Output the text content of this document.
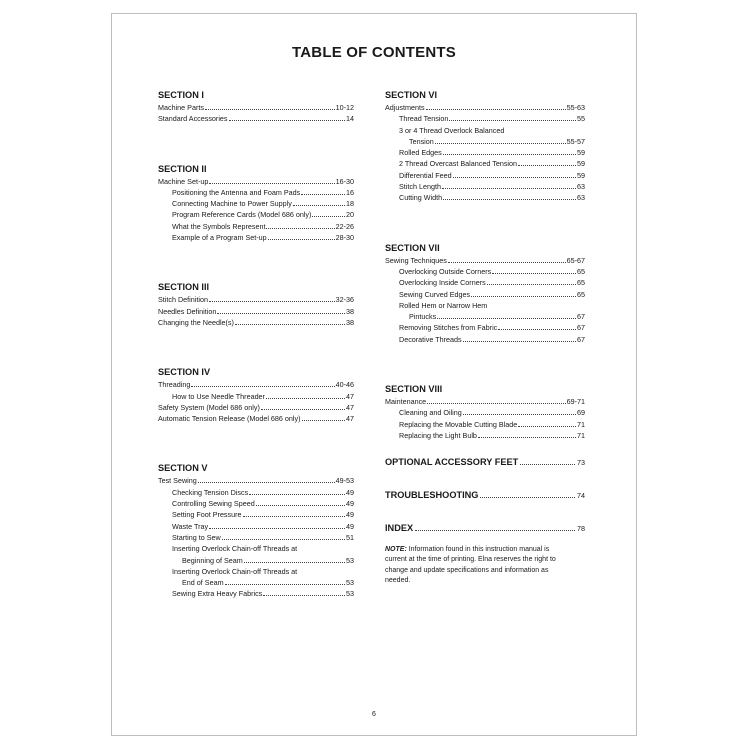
TABLE OF CONTENTS
SECTION I
Machine Parts	10-12
Standard Accessories	14
SECTION II
Machine Set-up	16-30
Positioning the Antenna and Foam Pads	16
Connecting Machine to Power Supply	18
Program Reference Cards (Model 686 only)	20
What the Symbols Represent	22-26
Example of a Program Set-up	28-30
SECTION III
Stitch Definition	32-36
Needles Definition	38
Changing the Needle(s)	38
SECTION IV
Threading	40-46
How to Use Needle Threader	47
Safety System (Model 686 only)	47
Automatic Tension Release (Model 686 only)	47
SECTION V
Test Sewing	49-53
Checking Tension Discs	49
Controlling Sewing Speed	49
Setting Foot Pressure	49
Waste Tray	49
Starting to Sew	51
Inserting Overlock Chain-off Threads at
Beginning of Seam	53
Inserting Overlock Chain-off Threads at
End of Seam	53
Sewing Extra Heavy Fabrics	53
SECTION VI
Adjustments	55-63
Thread Tension	55
3 or 4 Thread Overlock Balanced
Tension	55-57
Rolled Edges	59
2 Thread Overcast Balanced Tension	59
Differential Feed	59
Stitch Length	63
Cutting Width	63
SECTION VII
Sewing Techniques	65-67
Overlocking Outside Corners	65
Overlocking Inside Corners	65
Sewing Curved Edges	65
Rolled Hem or Narrow Hem
Pintucks	67
Removing Stitches from Fabric	67
Decorative Threads	67
SECTION VIII
Maintenance	69-71
Cleaning and Oiling	69
Replacing the Movable Cutting Blade	71
Replacing the Light Bulb	71
OPTIONAL ACCESSORY FEET	73
TROUBLESHOOTING	74
INDEX	78
NOTE: Information found in this instruction manual is current at the time of printing. Elna reserves the right to change and update specifications and information as needed.
6
